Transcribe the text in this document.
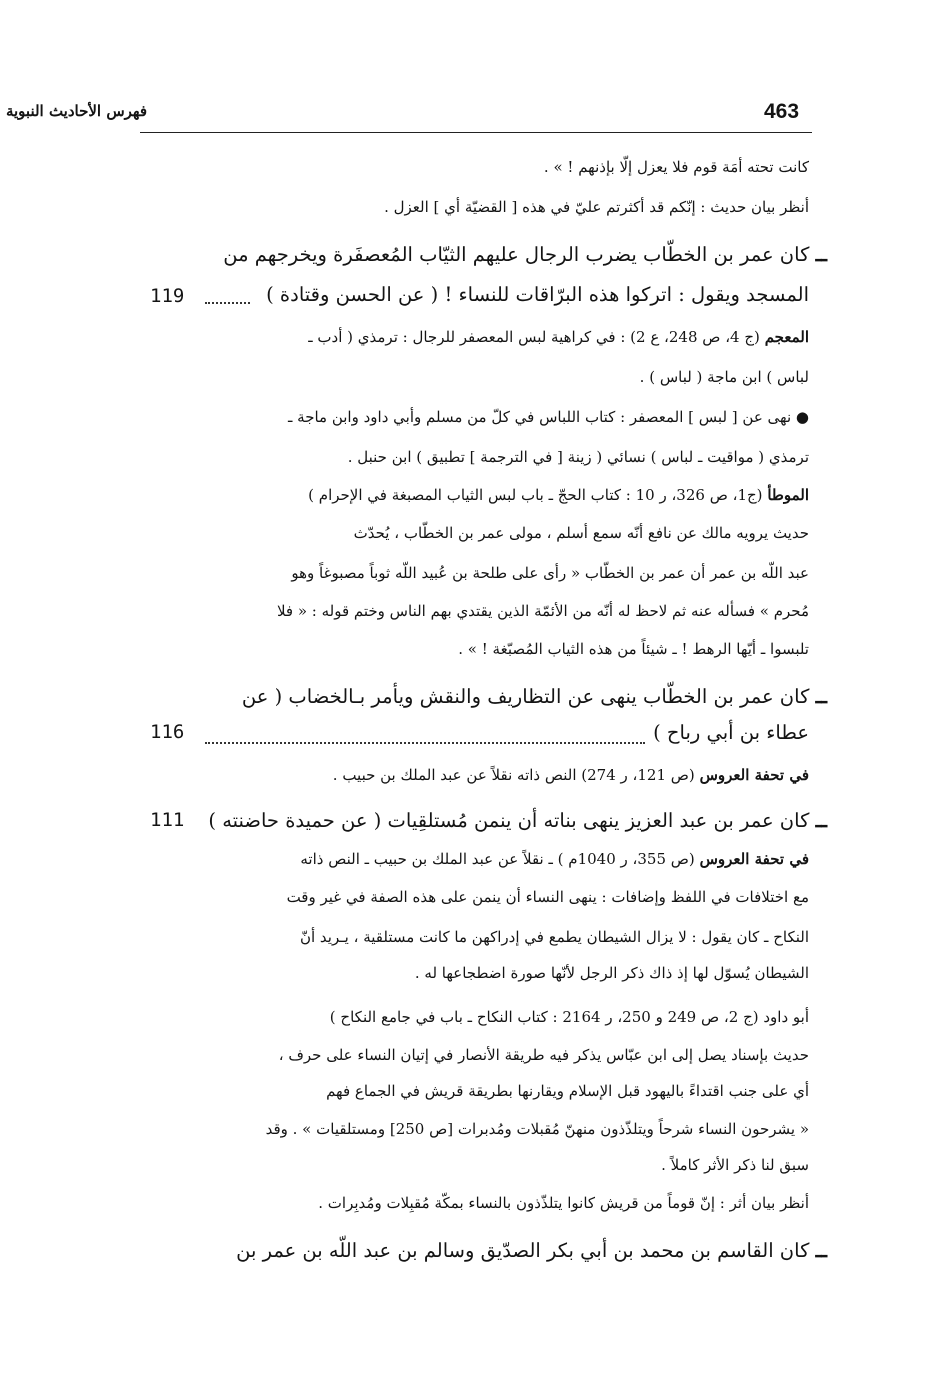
463
فهرس الأحاديث النبوية
كانت تحته أمَة قوم فلا يعزل إلّا بإذنهم ! » .
أنظر بيان حديث : إنّكم قد أكثرتم عليّ في هذه [ القضيّة أي ] العزل .
ــ كان عمر بن الخطّاب يضرب الرجال عليهم الثيّاب المُعصفَرة ويخرجهم من
المسجد ويقول : اتركوا هذه البرّاقات للنساء ! ( عن الحسن وقتادة )
119
المعجم (ج 4، ص 248، ع 2) : في كراهية لبس المعصفر للرجال : ترمذي ( أدب ـ
لباس ) ابن ماجة ( لباس ) .
● نهى عن [ لبس ] المعصفر : كتاب اللباس في كلّ من مسلم وأبي داود وابن ماجة ـ
ترمذي ( مواقيت ـ لباس ) نسائي ( زينة [ في الترجمة ] تطبيق ) ابن حنبل .
الموطأ (ج1، ص 326، ر 10 : كتاب الحجّ ـ باب لبس الثياب المصبغة في الإحرام )
حديث يرويه مالك عن نافع أنّه سمع أسلم ، مولى عمر بن الخطّاب ، يُحدّث
عبد اللّه بن عمر أن عمر بن الخطّاب « رأى على طلحة بن عُبيد اللّه ثوباً مصبوغاً وهو
مُحرم » فسأله عنه ثم لاحظ له أنّه من الأئمّة الذين يقتدي بهم الناس وختم قوله : « فلا
تلبسوا ـ أيّها الرهط ! ـ شيئاً من هذه الثياب المُصبّغة ! » .
ــ كان عمر بن الخطّاب ينهى عن التظاريف والنقش ويأمر بـالخضاب ( عن
عطاء بن أبي رباح )
116
في تحفة العروس (ص 121، ر 274) النص ذاته نقلاً عن عبد الملك بن حبيب .
ــ كان عمر بن عبد العزيز ينهى بناته أن ينمن مُستلقِيات ( عن حميدة حاضنته )
111
في تحفة العروس (ص 355، ر 1040م ) ـ نقلاً عن عبد الملك بن حبيب ـ النص ذاته
مع اختلافات في اللفظ وإضافات : ينهى النساء أن ينمن على هذه الصفة في غير وقت
النكاح ـ كان يقول : لا يزال الشيطان يطمع في إدراكهن ما كانت مستلقية ، يـريد أنّ
الشيطان يُسوّل لها إذ ذاك ذكر الرجل لأنّها صورة اضطجاعها له .
أبو داود (ج 2، ص 249 و 250، ر 2164 : كتاب النكاح ـ باب في جامع النكاح )
حديث بإسناد يصل إلى ابن عبّاس يذكر فيه طريقة الأنصار في إتيان النساء على حرف ،
أي على جنب اقتداءً باليهود قبل الإسلام ويقارنها بطريقة قريش في الجماع فهم
« يشرحون النساء شرحاً ويتلذّذون منهنّ مُقبلات ومُدبرات [ص 250] ومستلقيات » . وقد
سبق لنا ذكر الأثر كاملاً .
أنظر بيان أثر : إنّ قوماً من قريش كانوا يتلذّذون بالنساء بمكّة مُقبِلات ومُدبِرات .
ــ كان القاسم بن محمد بن أبي بكر الصدّيق وسالم بن عبد اللّه بن عمر بن
